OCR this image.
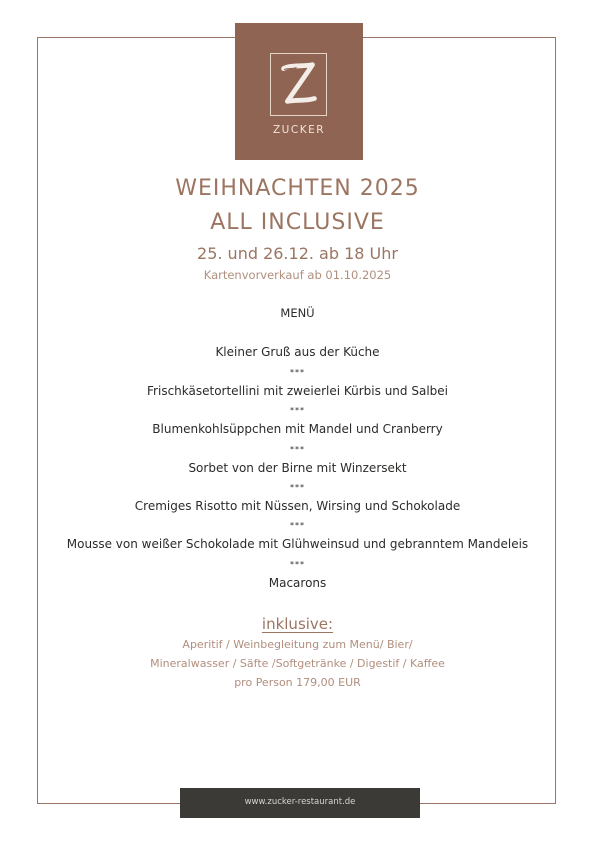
ZUCKER
WEIHNACHTEN 2025
ALL INCLUSIVE
25. und 26.12. ab 18 Uhr
Kartenvorverkauf ab 01.10.2025
MENÜ
Kleiner Gruß aus der Küche
***
Frischkäsetortellini mit zweierlei Kürbis und Salbei
***
Blumenkohlsüppchen mit Mandel und Cranberry
***
Sorbet von der Birne mit Winzersekt
***
Cremiges Risotto mit Nüssen, Wirsing und Schokolade
***
Mousse von weißer Schokolade mit Glühweinsud und gebranntem Mandeleis
***
Macarons
inklusive:
Aperitif / Weinbegleitung zum Menü/ Bier/
Mineralwasser / Säfte /Softgetränke / Digestif / Kaffee
pro Person 179,00 EUR
www.zucker-restaurant.de
